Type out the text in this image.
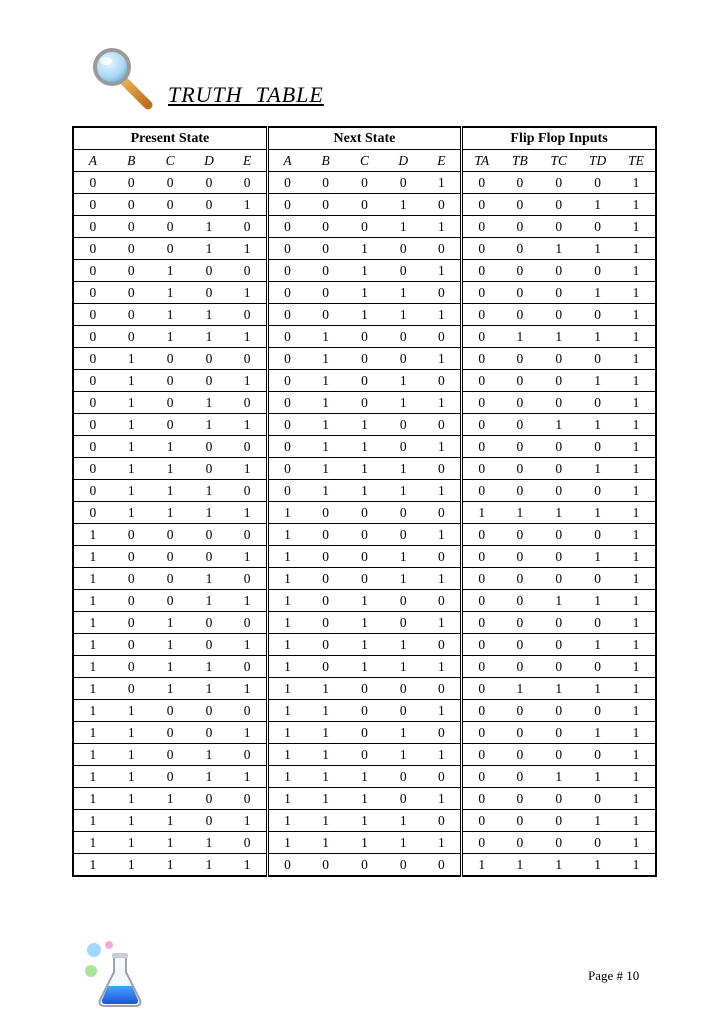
TRUTH  TABLE
Present State					Next State					Flip Flop Inputs				
A	B	C	D	E	A	B	C	D	E	TA	TB	TC	TD	TE
0	0	0	0	0	0	0	0	0	1	0	0	0	0	1
0	0	0	0	1	0	0	0	1	0	0	0	0	1	1
0	0	0	1	0	0	0	0	1	1	0	0	0	0	1
0	0	0	1	1	0	0	1	0	0	0	0	1	1	1
0	0	1	0	0	0	0	1	0	1	0	0	0	0	1
0	0	1	0	1	0	0	1	1	0	0	0	0	1	1
0	0	1	1	0	0	0	1	1	1	0	0	0	0	1
0	0	1	1	1	0	1	0	0	0	0	1	1	1	1
0	1	0	0	0	0	1	0	0	1	0	0	0	0	1
0	1	0	0	1	0	1	0	1	0	0	0	0	1	1
0	1	0	1	0	0	1	0	1	1	0	0	0	0	1
0	1	0	1	1	0	1	1	0	0	0	0	1	1	1
0	1	1	0	0	0	1	1	0	1	0	0	0	0	1
0	1	1	0	1	0	1	1	1	0	0	0	0	1	1
0	1	1	1	0	0	1	1	1	1	0	0	0	0	1
0	1	1	1	1	1	0	0	0	0	1	1	1	1	1
1	0	0	0	0	1	0	0	0	1	0	0	0	0	1
1	0	0	0	1	1	0	0	1	0	0	0	0	1	1
1	0	0	1	0	1	0	0	1	1	0	0	0	0	1
1	0	0	1	1	1	0	1	0	0	0	0	1	1	1
1	0	1	0	0	1	0	1	0	1	0	0	0	0	1
1	0	1	0	1	1	0	1	1	0	0	0	0	1	1
1	0	1	1	0	1	0	1	1	1	0	0	0	0	1
1	0	1	1	1	1	1	0	0	0	0	1	1	1	1
1	1	0	0	0	1	1	0	0	1	0	0	0	0	1
1	1	0	0	1	1	1	0	1	0	0	0	0	1	1
1	1	0	1	0	1	1	0	1	1	0	0	0	0	1
1	1	0	1	1	1	1	1	0	0	0	0	1	1	1
1	1	1	0	0	1	1	1	0	1	0	0	0	0	1
1	1	1	0	1	1	1	1	1	0	0	0	0	1	1
1	1	1	1	0	1	1	1	1	1	0	0	0	0	1
1	1	1	1	1	0	0	0	0	0	1	1	1	1	1
Page # 10
